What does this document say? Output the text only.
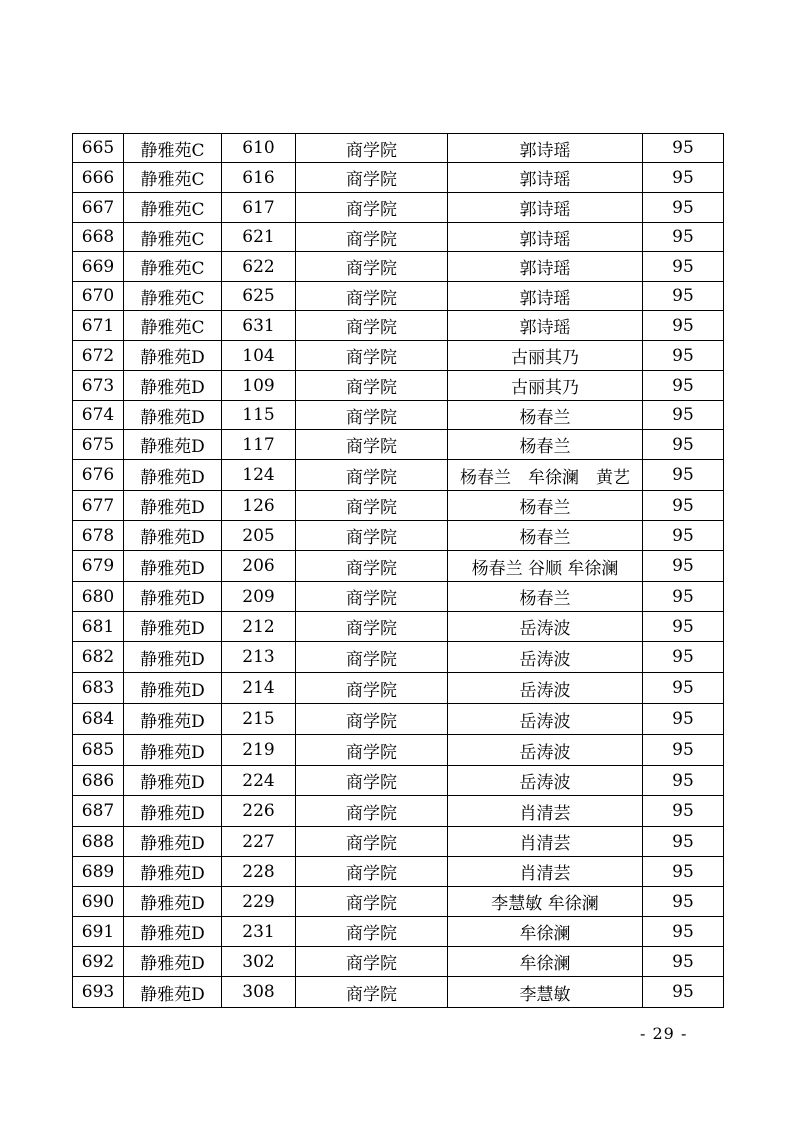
665	静雅苑C	610	商学院	郭诗瑶	95
666	静雅苑C	616	商学院	郭诗瑶	95
667	静雅苑C	617	商学院	郭诗瑶	95
668	静雅苑C	621	商学院	郭诗瑶	95
669	静雅苑C	622	商学院	郭诗瑶	95
670	静雅苑C	625	商学院	郭诗瑶	95
671	静雅苑C	631	商学院	郭诗瑶	95
672	静雅苑D	104	商学院	古丽其乃	95
673	静雅苑D	109	商学院	古丽其乃	95
674	静雅苑D	115	商学院	杨春兰	95
675	静雅苑D	117	商学院	杨春兰	95
676	静雅苑D	124	商学院	杨春兰　牟徐澜　黄艺	95
677	静雅苑D	126	商学院	杨春兰	95
678	静雅苑D	205	商学院	杨春兰	95
679	静雅苑D	206	商学院	杨春兰 谷顺 牟徐澜	95
680	静雅苑D	209	商学院	杨春兰	95
681	静雅苑D	212	商学院	岳涛波	95
682	静雅苑D	213	商学院	岳涛波	95
683	静雅苑D	214	商学院	岳涛波	95
684	静雅苑D	215	商学院	岳涛波	95
685	静雅苑D	219	商学院	岳涛波	95
686	静雅苑D	224	商学院	岳涛波	95
687	静雅苑D	226	商学院	肖清芸	95
688	静雅苑D	227	商学院	肖清芸	95
689	静雅苑D	228	商学院	肖清芸	95
690	静雅苑D	229	商学院	李慧敏 牟徐澜	95
691	静雅苑D	231	商学院	牟徐澜	95
692	静雅苑D	302	商学院	牟徐澜	95
693	静雅苑D	308	商学院	李慧敏	95
- 29 -
